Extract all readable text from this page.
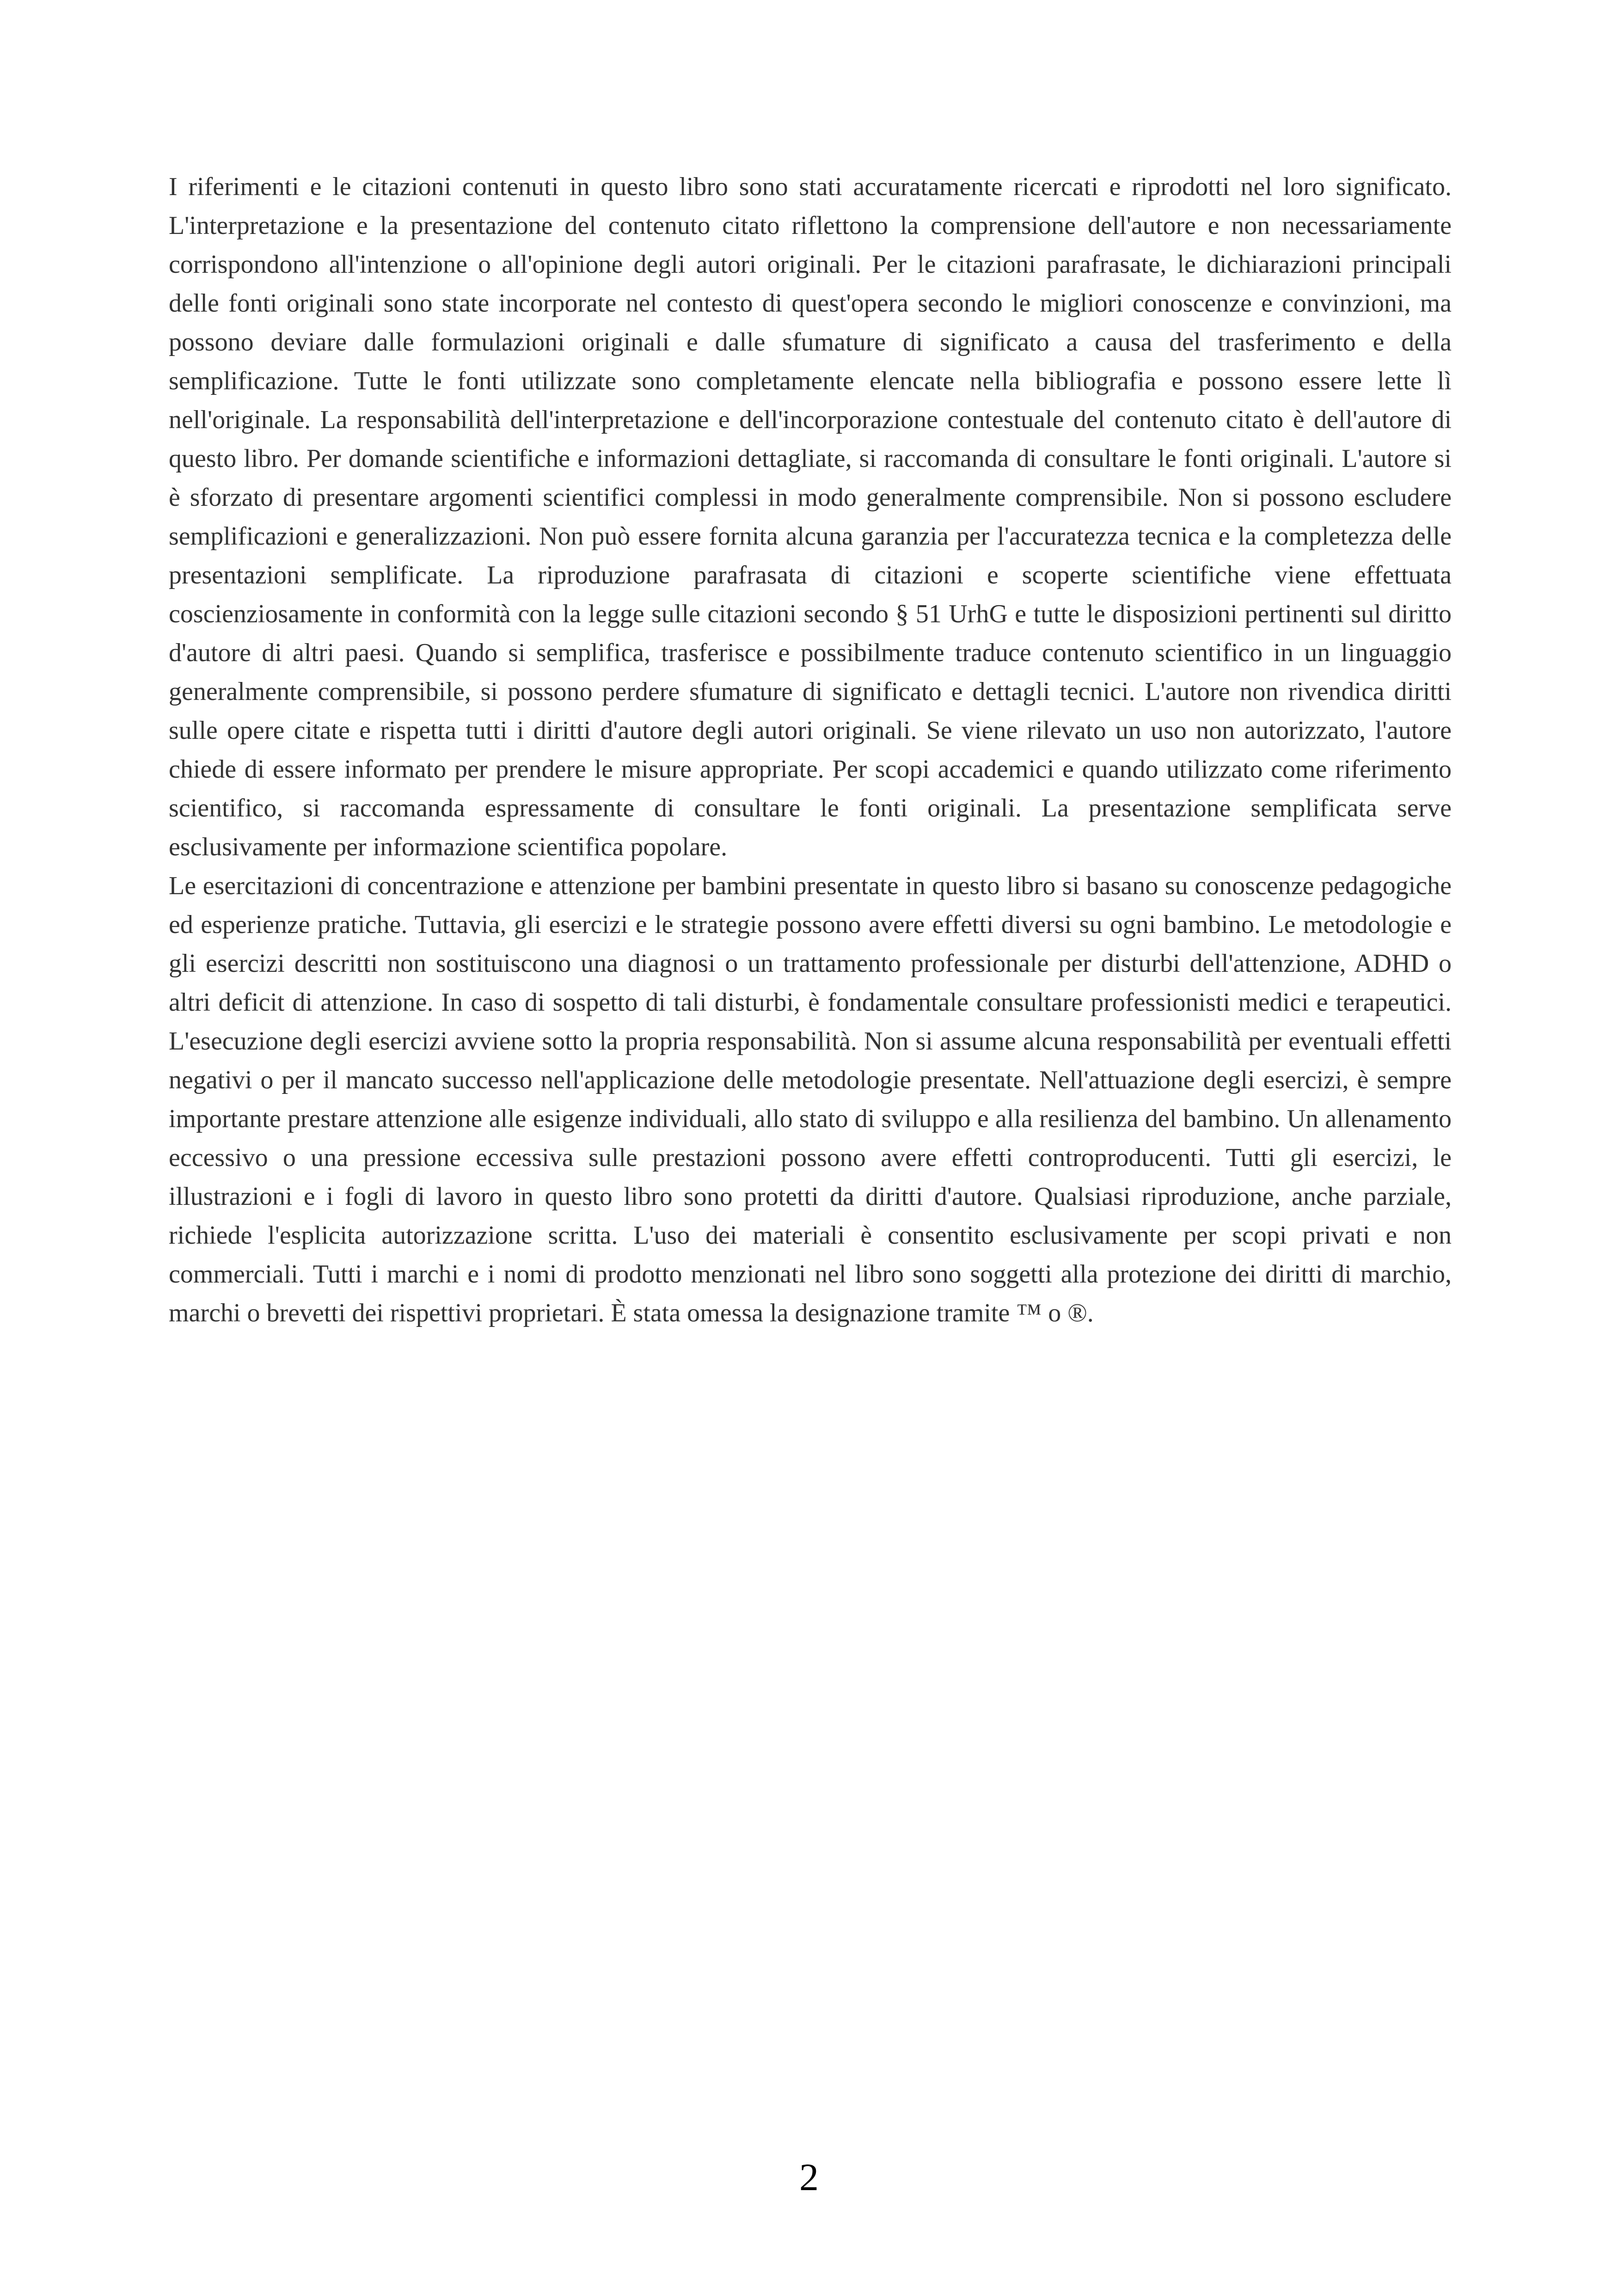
I riferimenti e le citazioni contenuti in questo libro sono stati accuratamente ricercati e riprodotti nel loro significato. L'interpretazione e la presentazione del contenuto citato riflettono la comprensione dell'autore e non necessariamente corrispondono all'intenzione o all'opinione degli autori originali. Per le citazioni parafrasate, le dichiarazioni principali delle fonti originali sono state incorporate nel contesto di quest'opera secondo le migliori conoscenze e convinzioni, ma possono deviare dalle formulazioni originali e dalle sfumature di significato a causa del trasferimento e della semplificazione. Tutte le fonti utilizzate sono completamente elencate nella bibliografia e possono essere lette lì nell'originale. La responsabilità dell'interpretazione e dell'incorporazione contestuale del contenuto citato è dell'autore di questo libro. Per domande scientifiche e informazioni dettagliate, si raccomanda di consultare le fonti originali. L'autore si è sforzato di presentare argomenti scientifici complessi in modo generalmente comprensibile. Non si possono escludere semplificazioni e generalizzazioni. Non può essere fornita alcuna garanzia per l'accuratezza tecnica e la completezza delle presentazioni semplificate. La riproduzione parafrasata di citazioni e scoperte scientifiche viene effettuata coscienziosamente in conformità con la legge sulle citazioni secondo § 51 UrhG e tutte le disposizioni pertinenti sul diritto d'autore di altri paesi. Quando si semplifica, trasferisce e possibilmente traduce contenuto scientifico in un linguaggio generalmente comprensibile, si possono perdere sfumature di significato e dettagli tecnici. L'autore non rivendica diritti sulle opere citate e rispetta tutti i diritti d'autore degli autori originali. Se viene rilevato un uso non autorizzato, l'autore chiede di essere informato per prendere le misure appropriate. Per scopi accademici e quando utilizzato come riferimento scientifico, si raccomanda espressamente di consultare le fonti originali. La presentazione semplificata serve esclusivamente per informazione scientifica popolare.

Le esercitazioni di concentrazione e attenzione per bambini presentate in questo libro si basano su conoscenze pedagogiche ed esperienze pratiche. Tuttavia, gli esercizi e le strategie possono avere effetti diversi su ogni bambino. Le metodologie e gli esercizi descritti non sostituiscono una diagnosi o un trattamento professionale per disturbi dell'attenzione, ADHD o altri deficit di attenzione. In caso di sospetto di tali disturbi, è fondamentale consultare professionisti medici e terapeutici. L'esecuzione degli esercizi avviene sotto la propria responsabilità. Non si assume alcuna responsabilità per eventuali effetti negativi o per il mancato successo nell'applicazione delle metodologie presentate. Nell'attuazione degli esercizi, è sempre importante prestare attenzione alle esigenze individuali, allo stato di sviluppo e alla resilienza del bambino. Un allenamento eccessivo o una pressione eccessiva sulle prestazioni possono avere effetti controproducenti. Tutti gli esercizi, le illustrazioni e i fogli di lavoro in questo libro sono protetti da diritti d'autore. Qualsiasi riproduzione, anche parziale, richiede l'esplicita autorizzazione scritta. L'uso dei materiali è consentito esclusivamente per scopi privati e non commerciali. Tutti i marchi e i nomi di prodotto menzionati nel libro sono soggetti alla protezione dei diritti di marchio, marchi o brevetti dei rispettivi proprietari. È stata omessa la designazione tramite ™ o ®.

2
